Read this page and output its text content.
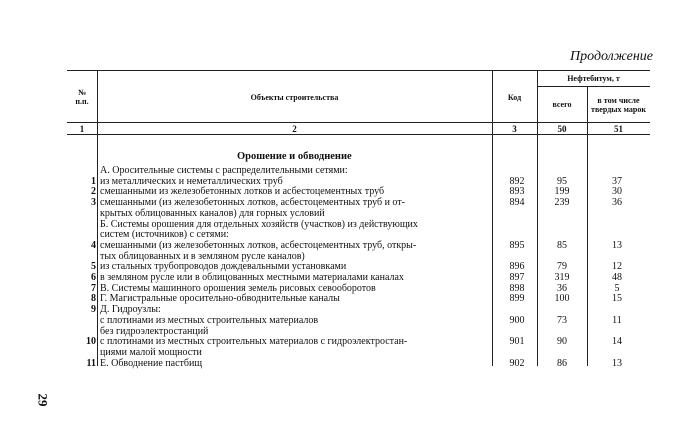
Продолжение
29
№
п.п.	Объекты строительства	Код
Нефтебитум, т
всего	в том числе
твердых марок
1	2	3	50	51
Орошение и обводнение
А. Оросительные системы с распределительными сетями:
1 из металлических и неметаллических труб	892	95	37
2 смешанными из железобетонных лотков и асбестоцементных труб	893	199	30
3 смешанными (из железобетонных лотков, асбестоцементных труб и от-	894	239	36
крытых облицованных каналов) для горных условий
Б. Системы орошения для отдельных хозяйств (участков) из действующих
систем (источников) с сетями:
4 смешанными (из железобетонных лотков, асбестоцементных труб, откры-	895	85	13
тых облицованных и в земляном русле каналов)
5 из стальных трубопроводов дождевальными установками	896	79	12
6 в земляном русле или в облицованных местными материалами каналах	897	319	48
7 В. Системы машинного орошения земель рисовых севооборотов	898	36	5
8 Г. Магистральные оросительно-обводнительные каналы	899	100	15
9 Д. Гидроузлы:
с плотинами из местных строительных материалов	900	73	11
без гидроэлектростанций
10 с плотинами из местных строительных материалов с гидроэлектростан-	901	90	14
циями малой мощности
11 Е. Обводнение пастбищ	902	86	13
